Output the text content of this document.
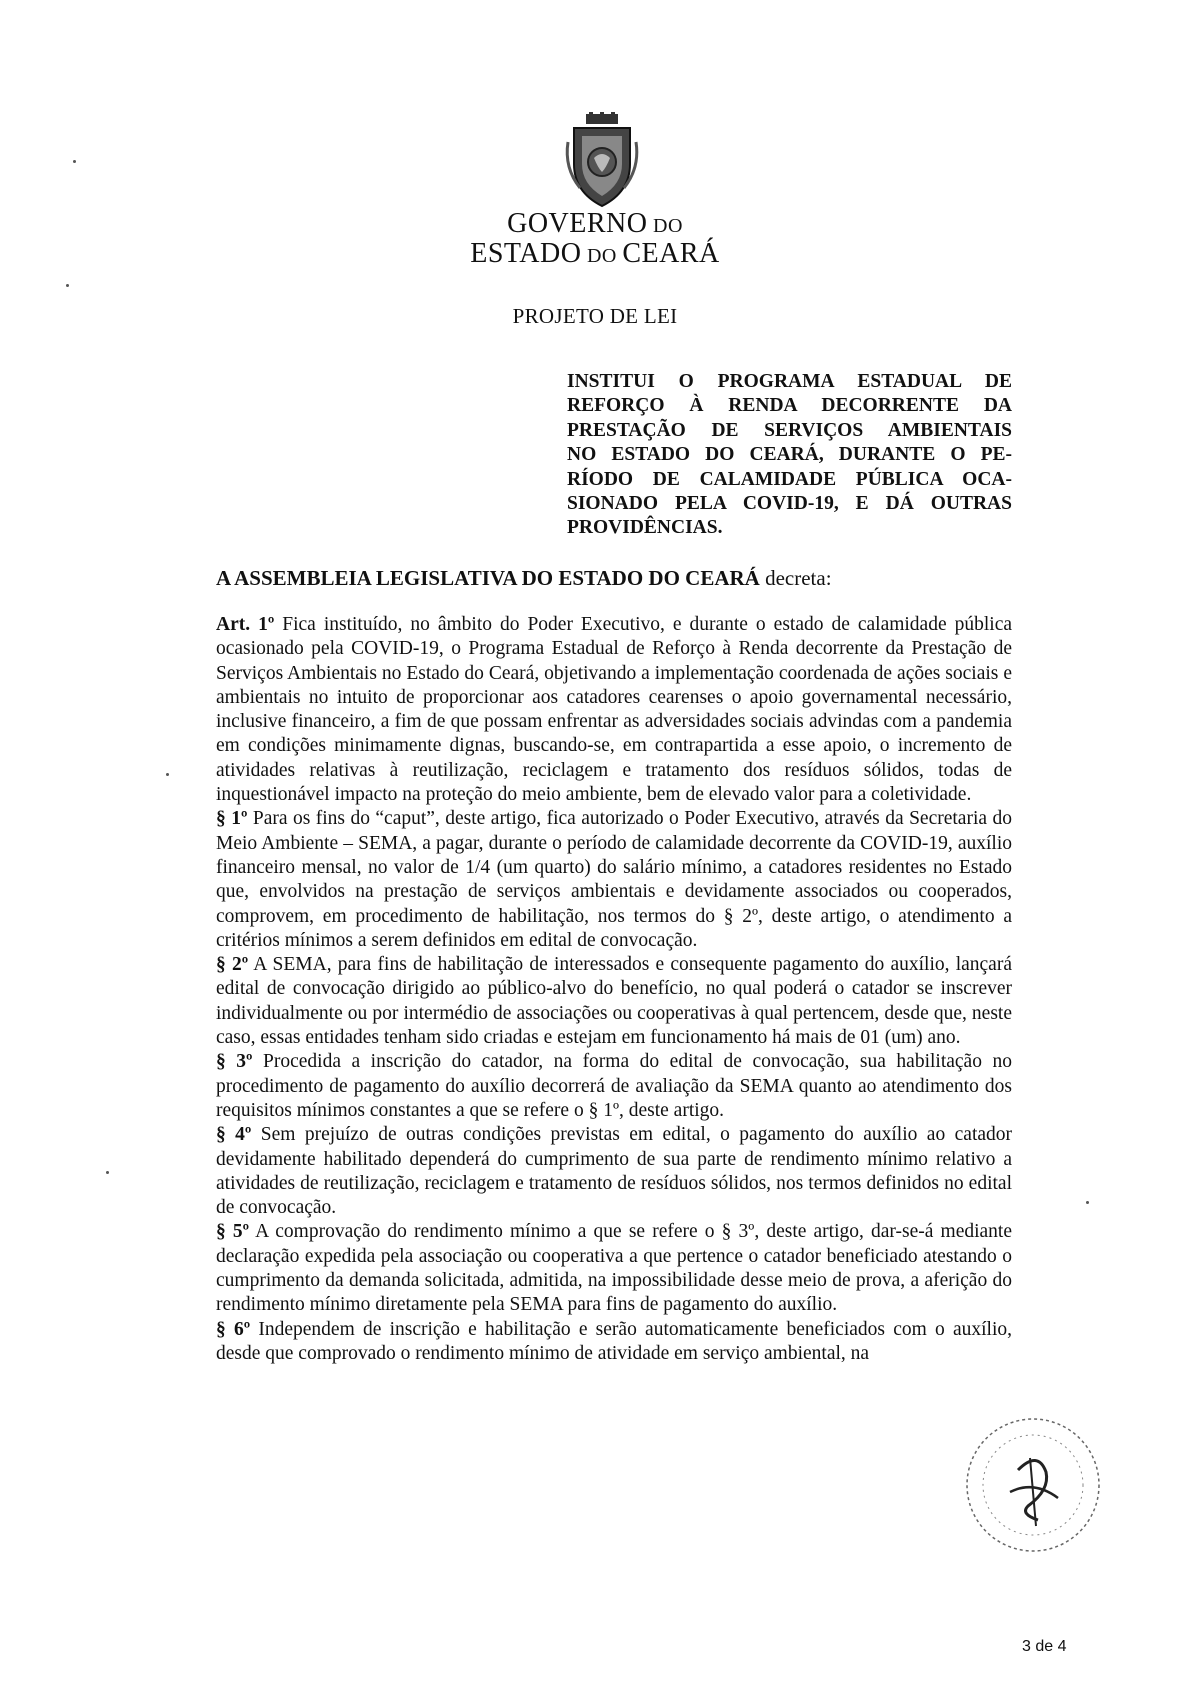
GOVERNO DO
ESTADO DO CEARÁ
PROJETO DE LEI
INSTITUI O PROGRAMA ESTADUAL DE
REFORÇO À RENDA DECORRENTE DA
PRESTAÇÃO DE SERVIÇOS AMBIENTAIS
NO ESTADO DO CEARÁ, DURANTE O PE-
RÍODO DE CALAMIDADE PÚBLICA OCA-
SIONADO PELA COVID-19, E DÁ OUTRAS
PROVIDÊNCIAS.
A ASSEMBLEIA LEGISLATIVA DO ESTADO DO CEARÁ decreta:

Art. 1º Fica instituído, no âmbito do Poder Executivo, e durante o estado de calamidade pública ocasionado pela COVID-19, o Programa Estadual de Reforço à Renda decorrente da Prestação de Serviços Ambientais no Estado do Ceará, objetivando a implementação coordenada de ações sociais e ambientais no intuito de proporcionar aos catadores cearenses o apoio governamental necessário, inclusive financeiro, a fim de que possam enfrentar as adversidades sociais advindas com a pandemia em condições minimamente dignas, buscando-se, em contrapartida a esse apoio, o incremento de atividades relativas à reutilização, reciclagem e tratamento dos resíduos sólidos, todas de inquestionável impacto na proteção do meio ambiente, bem de elevado valor para a coletividade.

§ 1º Para os fins do “caput”, deste artigo, fica autorizado o Poder Executivo, através da Secretaria do Meio Ambiente – SEMA, a pagar, durante o período de calamidade decorrente da COVID-19, auxílio financeiro mensal, no valor de 1/4 (um quarto) do salário mínimo, a catadores residentes no Estado que, envolvidos na prestação de serviços ambientais e devidamente associados ou cooperados, comprovem, em procedimento de habilitação, nos termos do § 2º, deste artigo, o atendimento a critérios mínimos a serem definidos em edital de convocação.

§ 2º A SEMA, para fins de habilitação de interessados e consequente pagamento do auxílio, lançará edital de convocação dirigido ao público-alvo do benefício, no qual poderá o catador se inscrever individualmente ou por intermédio de associações ou cooperativas à qual pertencem, desde que, neste caso, essas entidades tenham sido criadas e estejam em funcionamento há mais de 01 (um) ano.

§ 3º Procedida a inscrição do catador, na forma do edital de convocação, sua habilitação no procedimento de pagamento do auxílio decorrerá de avaliação da SEMA quanto ao atendimento dos requisitos mínimos constantes a que se refere o § 1º, deste artigo.

§ 4º Sem prejuízo de outras condições previstas em edital, o pagamento do auxílio ao catador devidamente habilitado dependerá do cumprimento de sua parte de rendimento mínimo relativo a atividades de reutilização, reciclagem e tratamento de resíduos sólidos, nos termos definidos no edital de convocação.

§ 5º A comprovação do rendimento mínimo a que se refere o § 3º, deste artigo, dar-se-á mediante declaração expedida pela associação ou cooperativa a que pertence o catador beneficiado atestando o cumprimento da demanda solicitada, admitida, na impossibilidade desse meio de prova, a aferição do rendimento mínimo diretamente pela SEMA para fins de pagamento do auxílio.

§ 6º Independem de inscrição e habilitação e serão automaticamente beneficiados com o auxílio, desde que comprovado o rendimento mínimo de atividade em serviço ambiental, na

3 de 4
